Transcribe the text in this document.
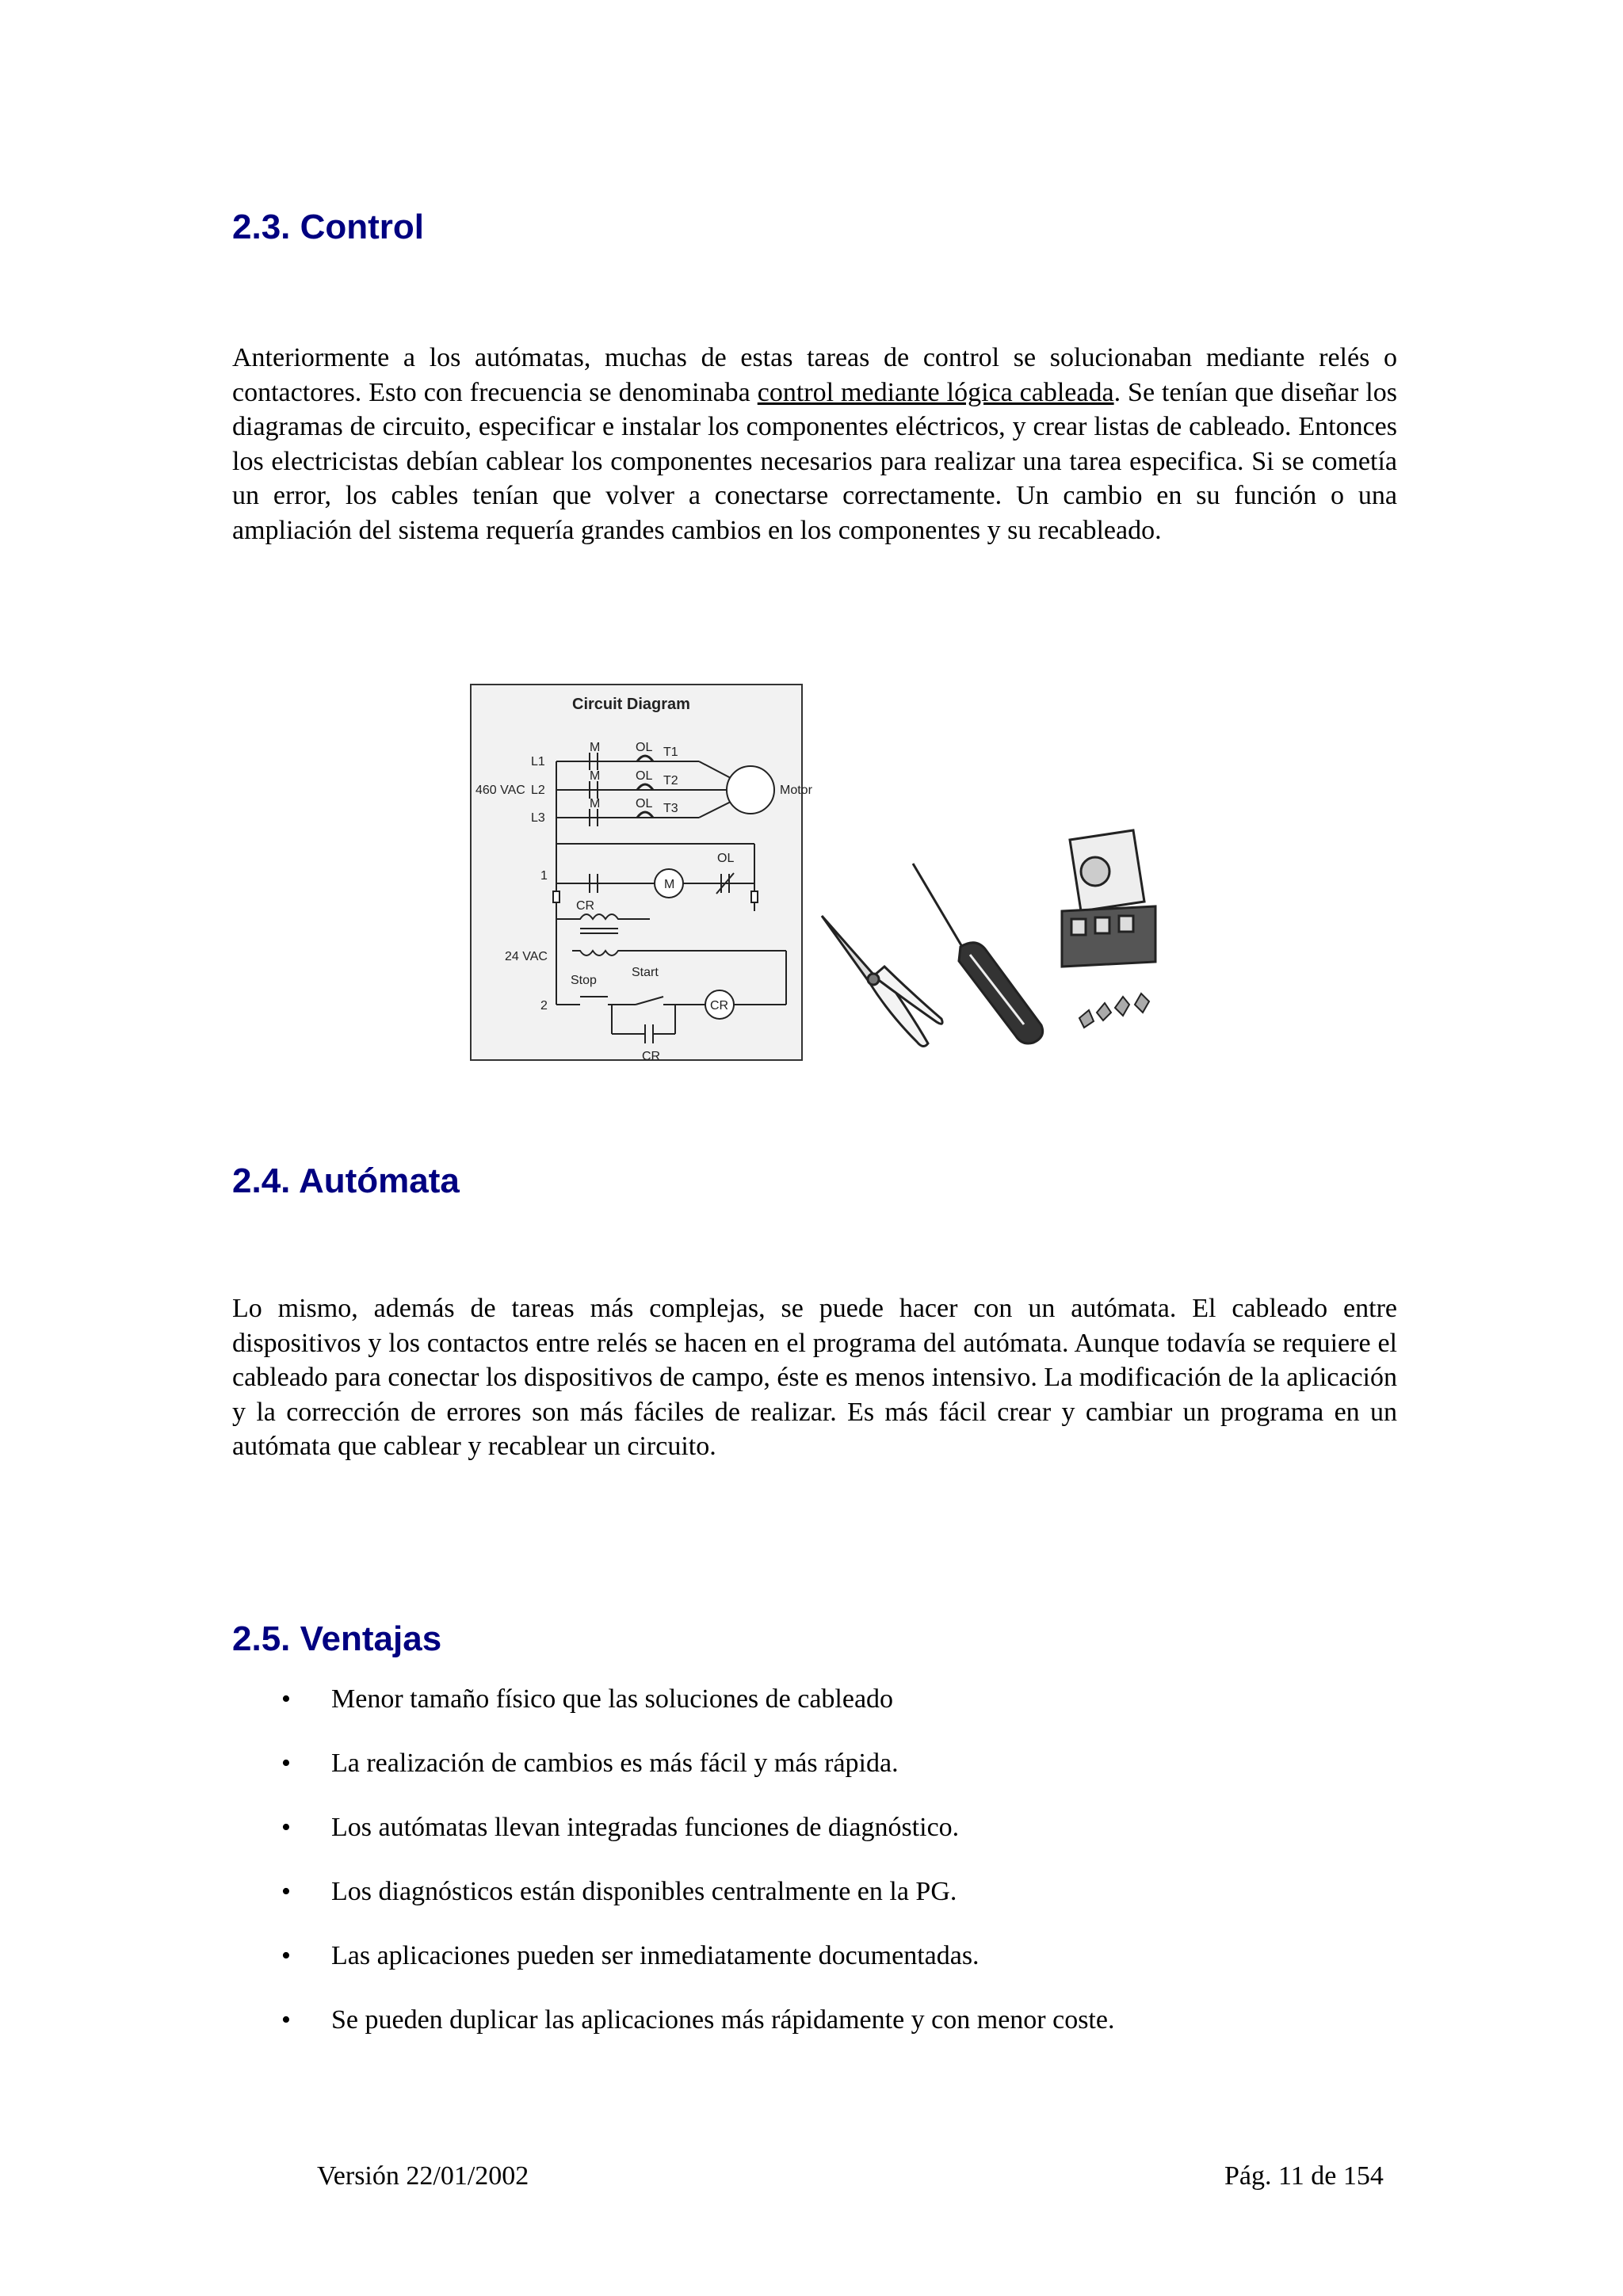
2.3. Control

Anteriormente a los autómatas, muchas de estas tareas de control se solucionaban mediante relés o contactores. Esto con frecuencia se denominaba control mediante lógica cableada. Se tenían que diseñar los diagramas de circuito, especificar e instalar los componentes eléctricos, y crear listas de cableado. Entonces los electricistas debían cablear los componentes necesarios para realizar una tarea especifica. Si se cometía un error, los cables tenían que volver a conectarse correctamente. Un cambio en su función o una ampliación del sistema requería grandes cambios en los componentes y su recableado.

Circuit Diagram
M
M
M
OL
OL
OL
T1
T2
T3
L1
L2
L3
460 VAC	Motor
1
CR
M
OL
24 VAC
Stop
Start
CR
2
CR
2.4. Autómata

Lo mismo, además de tareas más complejas, se puede hacer con un autómata. El cableado entre dispositivos y los contactos entre relés se hacen en el programa del autómata. Aunque todavía se requiere el cableado para conectar los dispositivos de campo, éste es menos intensivo. La modificación de la aplicación y la corrección de errores son más fáciles de realizar. Es más fácil crear y cambiar un programa en un autómata que cablear y recablear un circuito.

2.5. Ventajas
• Menor tamaño físico que las soluciones de cableado
• La realización de cambios es más fácil y más rápida.
• Los autómatas llevan integradas funciones de diagnóstico.
• Los diagnósticos están disponibles centralmente en la PG.
• Las aplicaciones pueden ser inmediatamente documentadas.
• Se pueden duplicar las aplicaciones más rápidamente y con menor coste.
Versión 22/01/2002	Pág. 11 de 154
